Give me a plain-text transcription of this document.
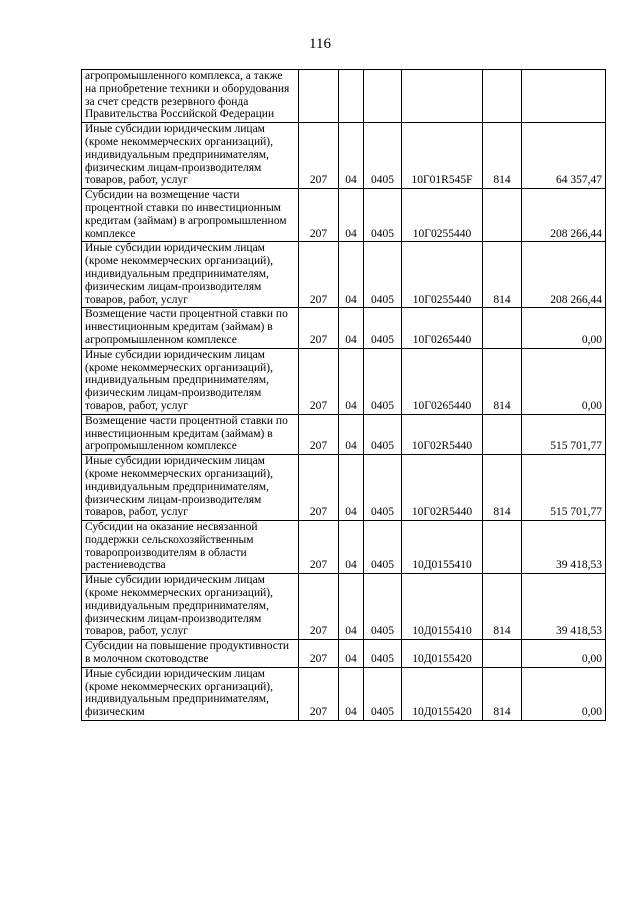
116
агропромышленного комплекса, а также на приобретение техники и оборудования за счет средств резервного фонда Правительства Российской Федерации						
Иные субсидии юридическим лицам (кроме некоммерческих организаций), индивидуальным предпринимателям, физическим лицам-производителям товаров, работ, услуг	207	04	0405	10Г01R545F	814	64 357,47
Субсидии на возмещение части процентной ставки по инвестиционным кредитам (займам) в агропромышленном комплексе	207	04	0405	10Г0255440		208 266,44
Иные субсидии юридическим лицам (кроме некоммерческих организаций), индивидуальным предпринимателям, физическим лицам-производителям товаров, работ, услуг	207	04	0405	10Г0255440	814	208 266,44
Возмещение части процентной ставки по инвестиционным кредитам (займам) в агропромышленном комплексе	207	04	0405	10Г0265440		0,00
Иные субсидии юридическим лицам (кроме некоммерческих организаций), индивидуальным предпринимателям, физическим лицам-производителям товаров, работ, услуг	207	04	0405	10Г0265440	814	0,00
Возмещение части процентной ставки по инвестиционным кредитам (займам) в агропромышленном комплексе	207	04	0405	10Г02R5440		515 701,77
Иные субсидии юридическим лицам (кроме некоммерческих организаций), индивидуальным предпринимателям, физическим лицам-производителям товаров, работ, услуг	207	04	0405	10Г02R5440	814	515 701,77
Субсидии на оказание несвязанной поддержки сельскохозяйственным товаропроизводителям в области растениеводства	207	04	0405	10Д0155410		39 418,53
Иные субсидии юридическим лицам (кроме некоммерческих организаций), индивидуальным предпринимателям, физическим лицам-производителям товаров, работ, услуг	207	04	0405	10Д0155410	814	39 418,53
Субсидии на повышение продуктивности в молочном скотоводстве	207	04	0405	10Д0155420		0,00
Иные субсидии юридическим лицам (кроме некоммерческих организаций), индивидуальным предпринимателям, физическим	207	04	0405	10Д0155420	814	0,00
